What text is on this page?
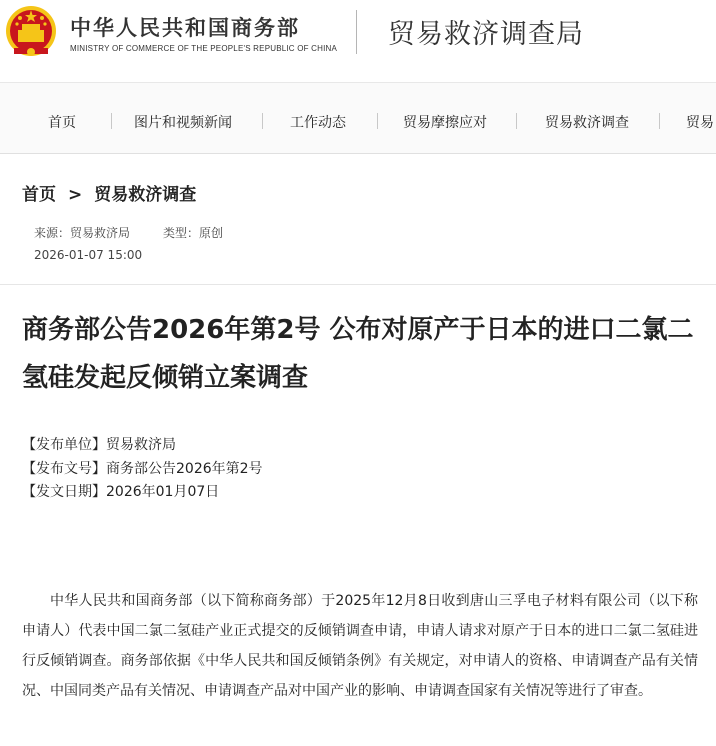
中华人民共和国商务部
MINISTRY OF COMMERCE OF THE PEOPLE'S REPUBLIC OF CHINA 贸易救济调查局
首页	图片和视频新闻	工作动态	贸易摩擦应对	贸易救济调查	贸易
首页 > 贸易救济调查
来源：贸易救济局	类型：原创
2026-01-07 15:00
商务部公告2026年第2号 公布对原产于日本的进口二氯二氢硅发起反倾销立案调查
【发布单位】贸易救济局
【发布文号】商务部公告2026年第2号
【发文日期】2026年01月07日
中华人民共和国商务部（以下简称商务部）于2025年12月8日收到唐山三孚电子材料有限公司（以下称申请人）代表中国二氯二氢硅产业正式提交的反倾销调查申请，申请人请求对原产于日本的进口二氯二氢硅进行反倾销调查。商务部依据《中华人民共和国反倾销条例》有关规定，对申请人的资格、申请调查产品有关情况、中国同类产品有关情况、申请调查产品对中国产业的影响、申请调查国家有关情况等进行了审查。
